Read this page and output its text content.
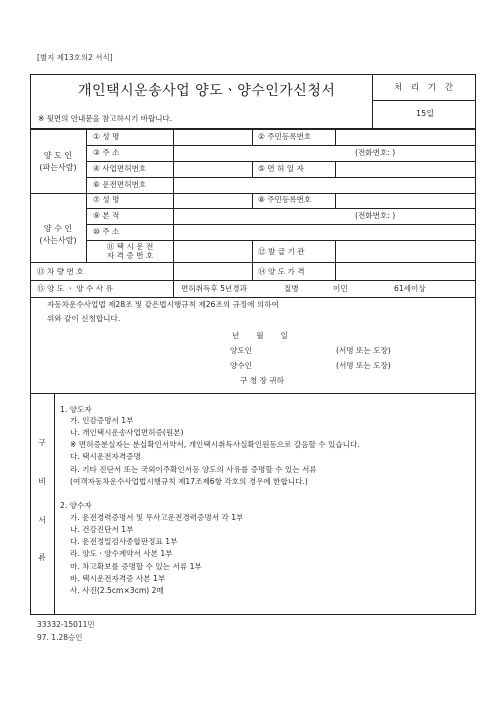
[별지 제13호의2 서식]
개인택시운송사업 양도ㆍ양수인가신청서
※ 뒷면의 안내문을 참고하시기 바랍니다.
처 리 기 간
15일
양 도 인
(파는사람)
양 수 인
(사는사람)
① 성 명	② 주민등록번호
③ 주 소	(전화번호: )
④ 사업면허번호	⑤ 면 허 일 자
⑥ 운전면허번호
⑦ 성 명	⑧ 주민등록번호
⑨ 본 적	(전화번호: )
⑩ 주 소
⑪ 택 시 운 전
자 격 증 번 호	⑫ 발 급 기 관
⑬ 차 량 번 호	⑭ 양 도 가 격
⑮ 양 도 ㆍ 양 수 사 유	면허취득후 5년경과	질병	이민	61세이상
자동차운수사업법 제28조 및 같은법시행규칙 제26조의 규정에 의하여
위와 같이 신청합니다.
년       월       일
양도인	(서명 또는 도장)
양수인	(서명 또는 도장)
구 청 장 귀하
구
비
서
류
1. 양도자
가. 인감증명서 1부
나. 개인택시운송사업면허증(원본)
※ 면허증분실자는 분실확인서약서, 개인택시취득사실확인원등으로 갈음할 수 있습니다.
다. 택시운전자격증명
라. 기타 진단서 또는 국외이주확인서등 양도의 사유를 증명할 수 있는 서류
(여객자동차운수사업법시행규칙 제17조제6항 각호의 경우에 한합니다.)
2. 양수자
가. 운전경력증명서 및 무사고운전경력증명서 각 1부
나. 건강진단서 1부
다. 운전정밀검사종합판정표 1부
라. 양도ㆍ양수계약서 사본 1부
마. 차고확보를 증명할 수 있는 서류 1부
바. 택시운전자격증 사본 1부
사. 사진(2.5cm×3cm) 2매
33332-15011민
97. 1.28승인
